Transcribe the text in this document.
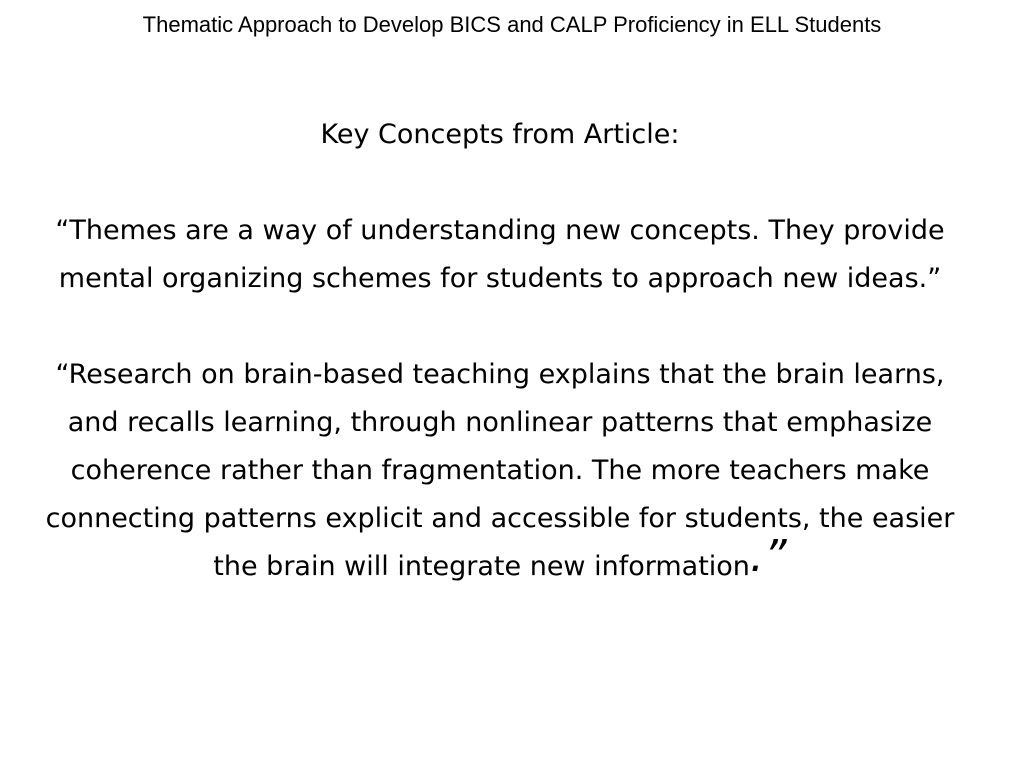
Thematic Approach to Develop BICS and CALP Proficiency in ELL Students

Key Concepts from Article:

“Themes are a way of understanding new concepts. They provide mental organizing schemes for students to approach new ideas.”

“Research on brain-based teaching explains that the brain learns, and recalls learning, through nonlinear patterns that emphasize coherence rather than fragmentation. The more teachers make connecting patterns explicit and accessible for students, the easier the brain will integrate new information.”
